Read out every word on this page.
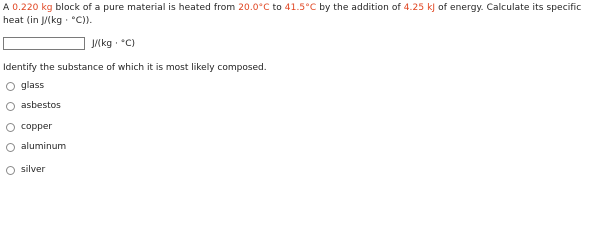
A 0.220 kg block of a pure material is heated from 20.0°C to 41.5°C by the addition of 4.25 kJ of energy. Calculate its specific heat (in J/(kg · °C)).
J/(kg · °C)
Identify the substance of which it is most likely composed.
glass
asbestos
copper
aluminum
silver
